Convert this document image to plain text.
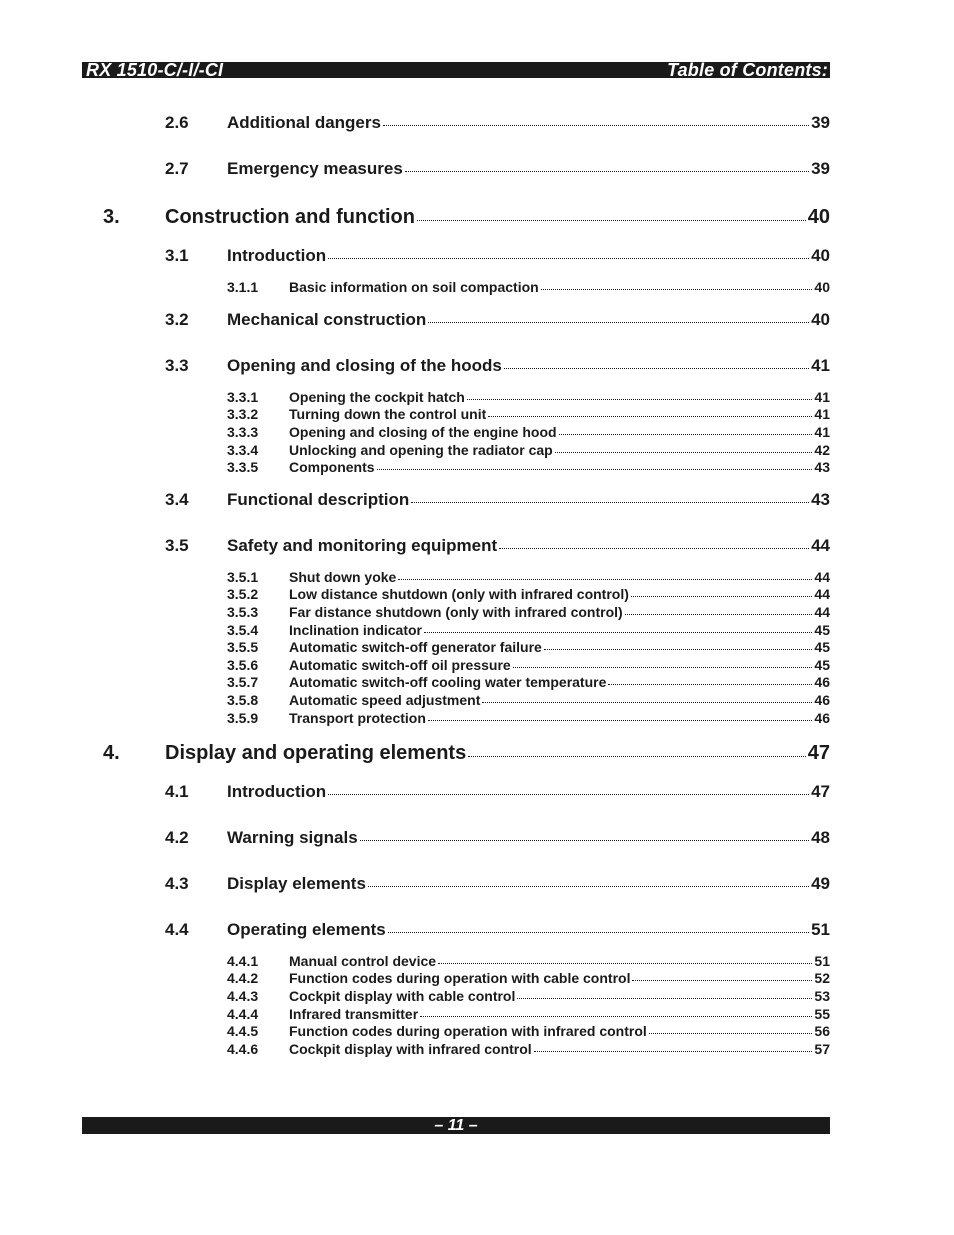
RX 1510-C/-I/-CI	Table of Contents:
2.6	Additional dangers	39
2.7	Emergency measures	39
3.	Construction and function	40
3.1	Introduction	40
3.1.1	Basic information on soil compaction	40
3.2	Mechanical construction	40
3.3	Opening and closing of the hoods	41
3.3.1	Opening the cockpit hatch	41
3.3.2	Turning down the control unit	41
3.3.3	Opening and closing of the engine hood	41
3.3.4	Unlocking and opening the radiator cap	42
3.3.5	Components	43
3.4	Functional description	43
3.5	Safety and monitoring equipment	44
3.5.1	Shut down yoke	44
3.5.2	Low distance shutdown (only with infrared control)	44
3.5.3	Far distance shutdown (only with infrared control)	44
3.5.4	Inclination indicator	45
3.5.5	Automatic switch-off generator failure	45
3.5.6	Automatic switch-off oil pressure	45
3.5.7	Automatic switch-off cooling water temperature	46
3.5.8	Automatic speed adjustment	46
3.5.9	Transport protection	46
4.	Display and operating elements	47
4.1	Introduction	47
4.2	Warning signals	48
4.3	Display elements	49
4.4	Operating elements	51
4.4.1	Manual control device	51
4.4.2	Function codes during operation with cable control	52
4.4.3	Cockpit display with cable control	53
4.4.4	Infrared transmitter	55
4.4.5	Function codes during operation with infrared control	56
4.4.6	Cockpit display with infrared control	57
– 11 –
